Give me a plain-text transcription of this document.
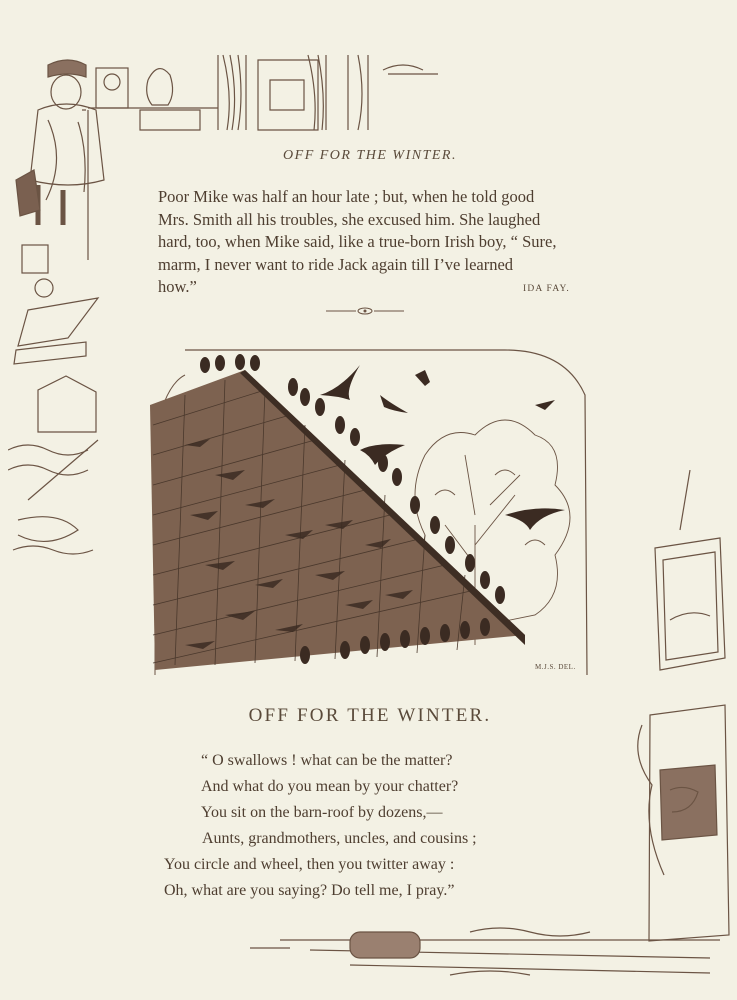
OFF FOR THE WINTER.
Poor Mike was half an hour late ; but, when he told good
Mrs. Smith all his troubles, she excused him. She laughed
hard, too, when Mike said, like a true-born Irish boy, “ Sure,
marm, I never want to ride Jack again till I’ve learned
how.”	IDA FAY.
M.J.S. DEL.
OFF FOR THE WINTER.
“ O swallows ! what can be the matter?
And what do you mean by your chatter?
You sit on the barn-roof by dozens,—
Aunts, grandmothers, uncles, and cousins ;
You circle and wheel, then you twitter away :
Oh, what are you saying? Do tell me, I pray.”
